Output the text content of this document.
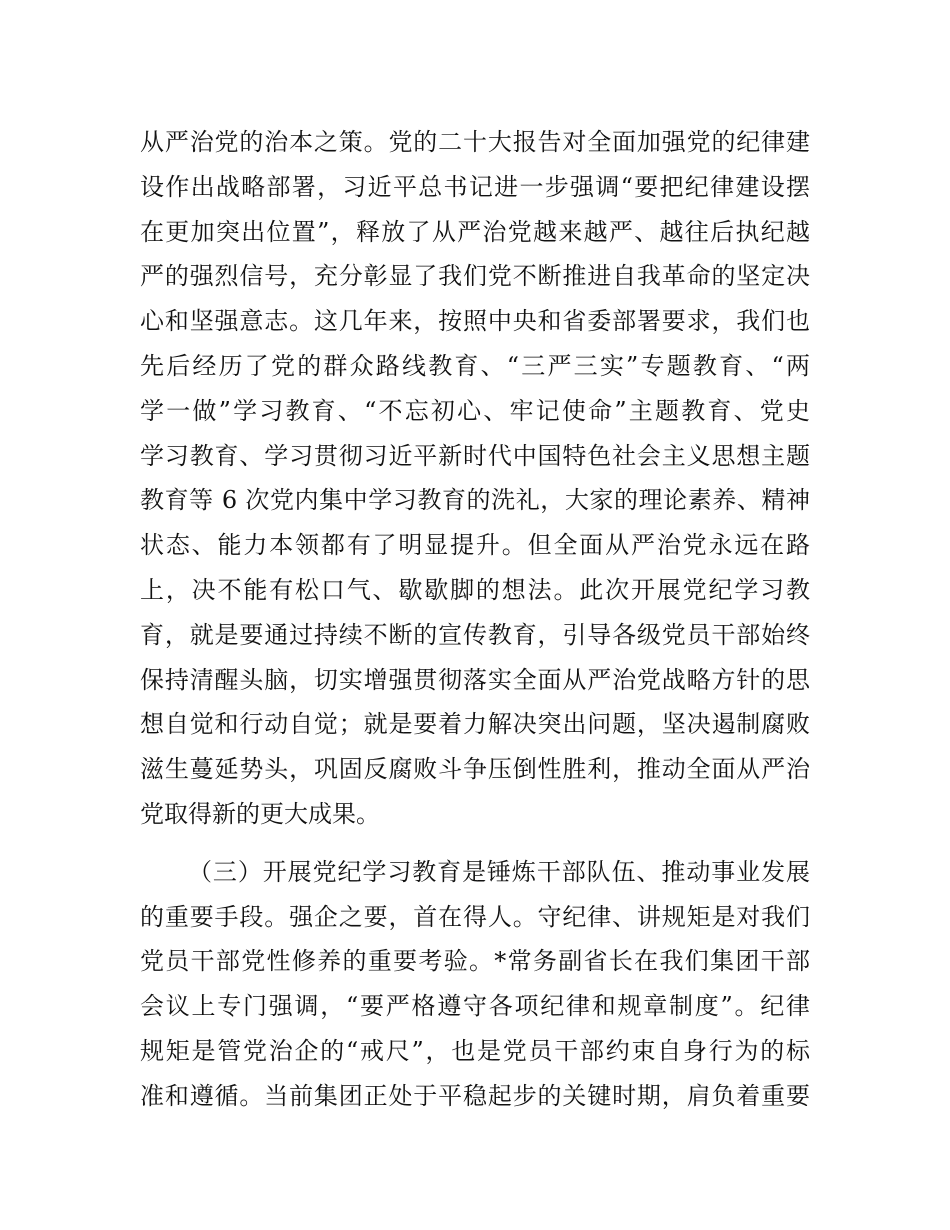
从严治党的治本之策。党的二十大报告对全面加强党的纪律建
设作出战略部署，习近平总书记进一步强调“要把纪律建设摆
在更加突出位置”，释放了从严治党越来越严、越往后执纪越
严的强烈信号，充分彰显了我们党不断推进自我革命的坚定决
心和坚强意志。这几年来，按照中央和省委部署要求，我们也
先后经历了党的群众路线教育、“三严三实”专题教育、“两
学一做”学习教育、“不忘初心、牢记使命”主题教育、党史
学习教育、学习贯彻习近平新时代中国特色社会主义思想主题
教育等 6 次党内集中学习教育的洗礼，大家的理论素养、精神
状态、能力本领都有了明显提升。但全面从严治党永远在路
上，决不能有松口气、歇歇脚的想法。此次开展党纪学习教
育，就是要通过持续不断的宣传教育，引导各级党员干部始终
保持清醒头脑，切实增强贯彻落实全面从严治党战略方针的思
想自觉和行动自觉；就是要着力解决突出问题，坚决遏制腐败
滋生蔓延势头，巩固反腐败斗争压倒性胜利，推动全面从严治
党取得新的更大成果。
（三）开展党纪学习教育是锤炼干部队伍、推动事业发展
的重要手段。强企之要，首在得人。守纪律、讲规矩是对我们
党员干部党性修养的重要考验。*常务副省长在我们集团干部
会议上专门强调，“要严格遵守各项纪律和规章制度”。纪律
规矩是管党治企的“戒尺”，也是党员干部约束自身行为的标
准和遵循。当前集团正处于平稳起步的关键时期，肩负着重要
